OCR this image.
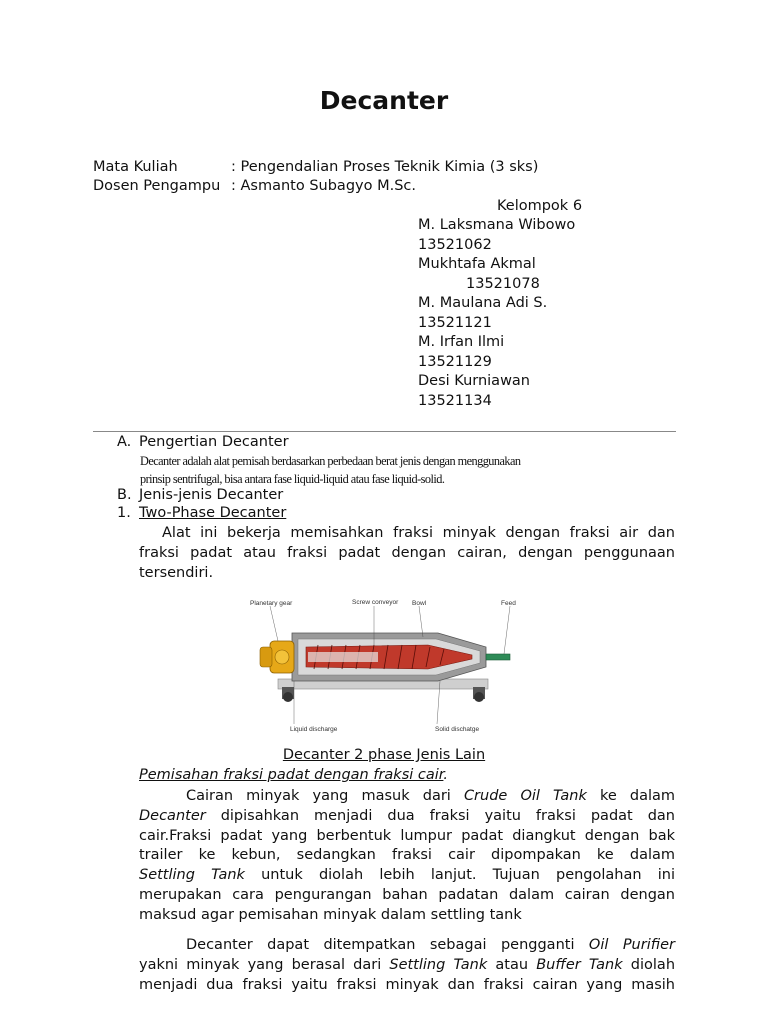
Decanter
Mata Kuliah	: Pengendalian Proses Teknik Kimia (3 sks)
Dosen Pengampu : Asmanto Subagyo M.Sc.
Kelompok 6
M. Laksmana Wibowo
13521062
Mukhtafa Akmal
13521078
M. Maulana Adi S.
13521121
M. Irfan Ilmi
13521129
Desi Kurniawan
13521134
A. Pengertian Decanter
Decanter adalah alat pemisah berdasarkan perbedaan berat jenis dengan menggunakan
prinsip sentrifugal, bisa antara fase liquid-liquid atau fase liquid-solid.
B. Jenis-jenis Decanter
1. Two-Phase Decanter
Alat ini bekerja memisahkan fraksi minyak dengan fraksi air dan
fraksi padat atau fraksi padat dengan cairan, dengan penggunaan
tersendiri.
Planetary gear	Screw conveyor Bowl	Feed
Liquid discharge	Solid dischatge
Decanter 2 phase Jenis Lain
Pemisahan fraksi padat dengan fraksi cair.
Cairan minyak yang masuk dari Crude Oil Tank ke dalam
Decanter dipisahkan menjadi dua fraksi yaitu fraksi padat dan
cair.Fraksi padat yang berbentuk lumpur padat diangkut dengan bak
trailer ke kebun, sedangkan fraksi cair dipompakan ke dalam
Settling Tank untuk diolah lebih lanjut. Tujuan pengolahan ini
merupakan cara pengurangan bahan padatan dalam cairan dengan
maksud agar pemisahan minyak dalam settling tank
Decanter dapat ditempatkan sebagai pengganti Oil Purifier
yakni minyak yang berasal dari Settling Tank atau Buffer Tank diolah
menjadi dua fraksi yaitu fraksi minyak dan fraksi cairan yang masih
